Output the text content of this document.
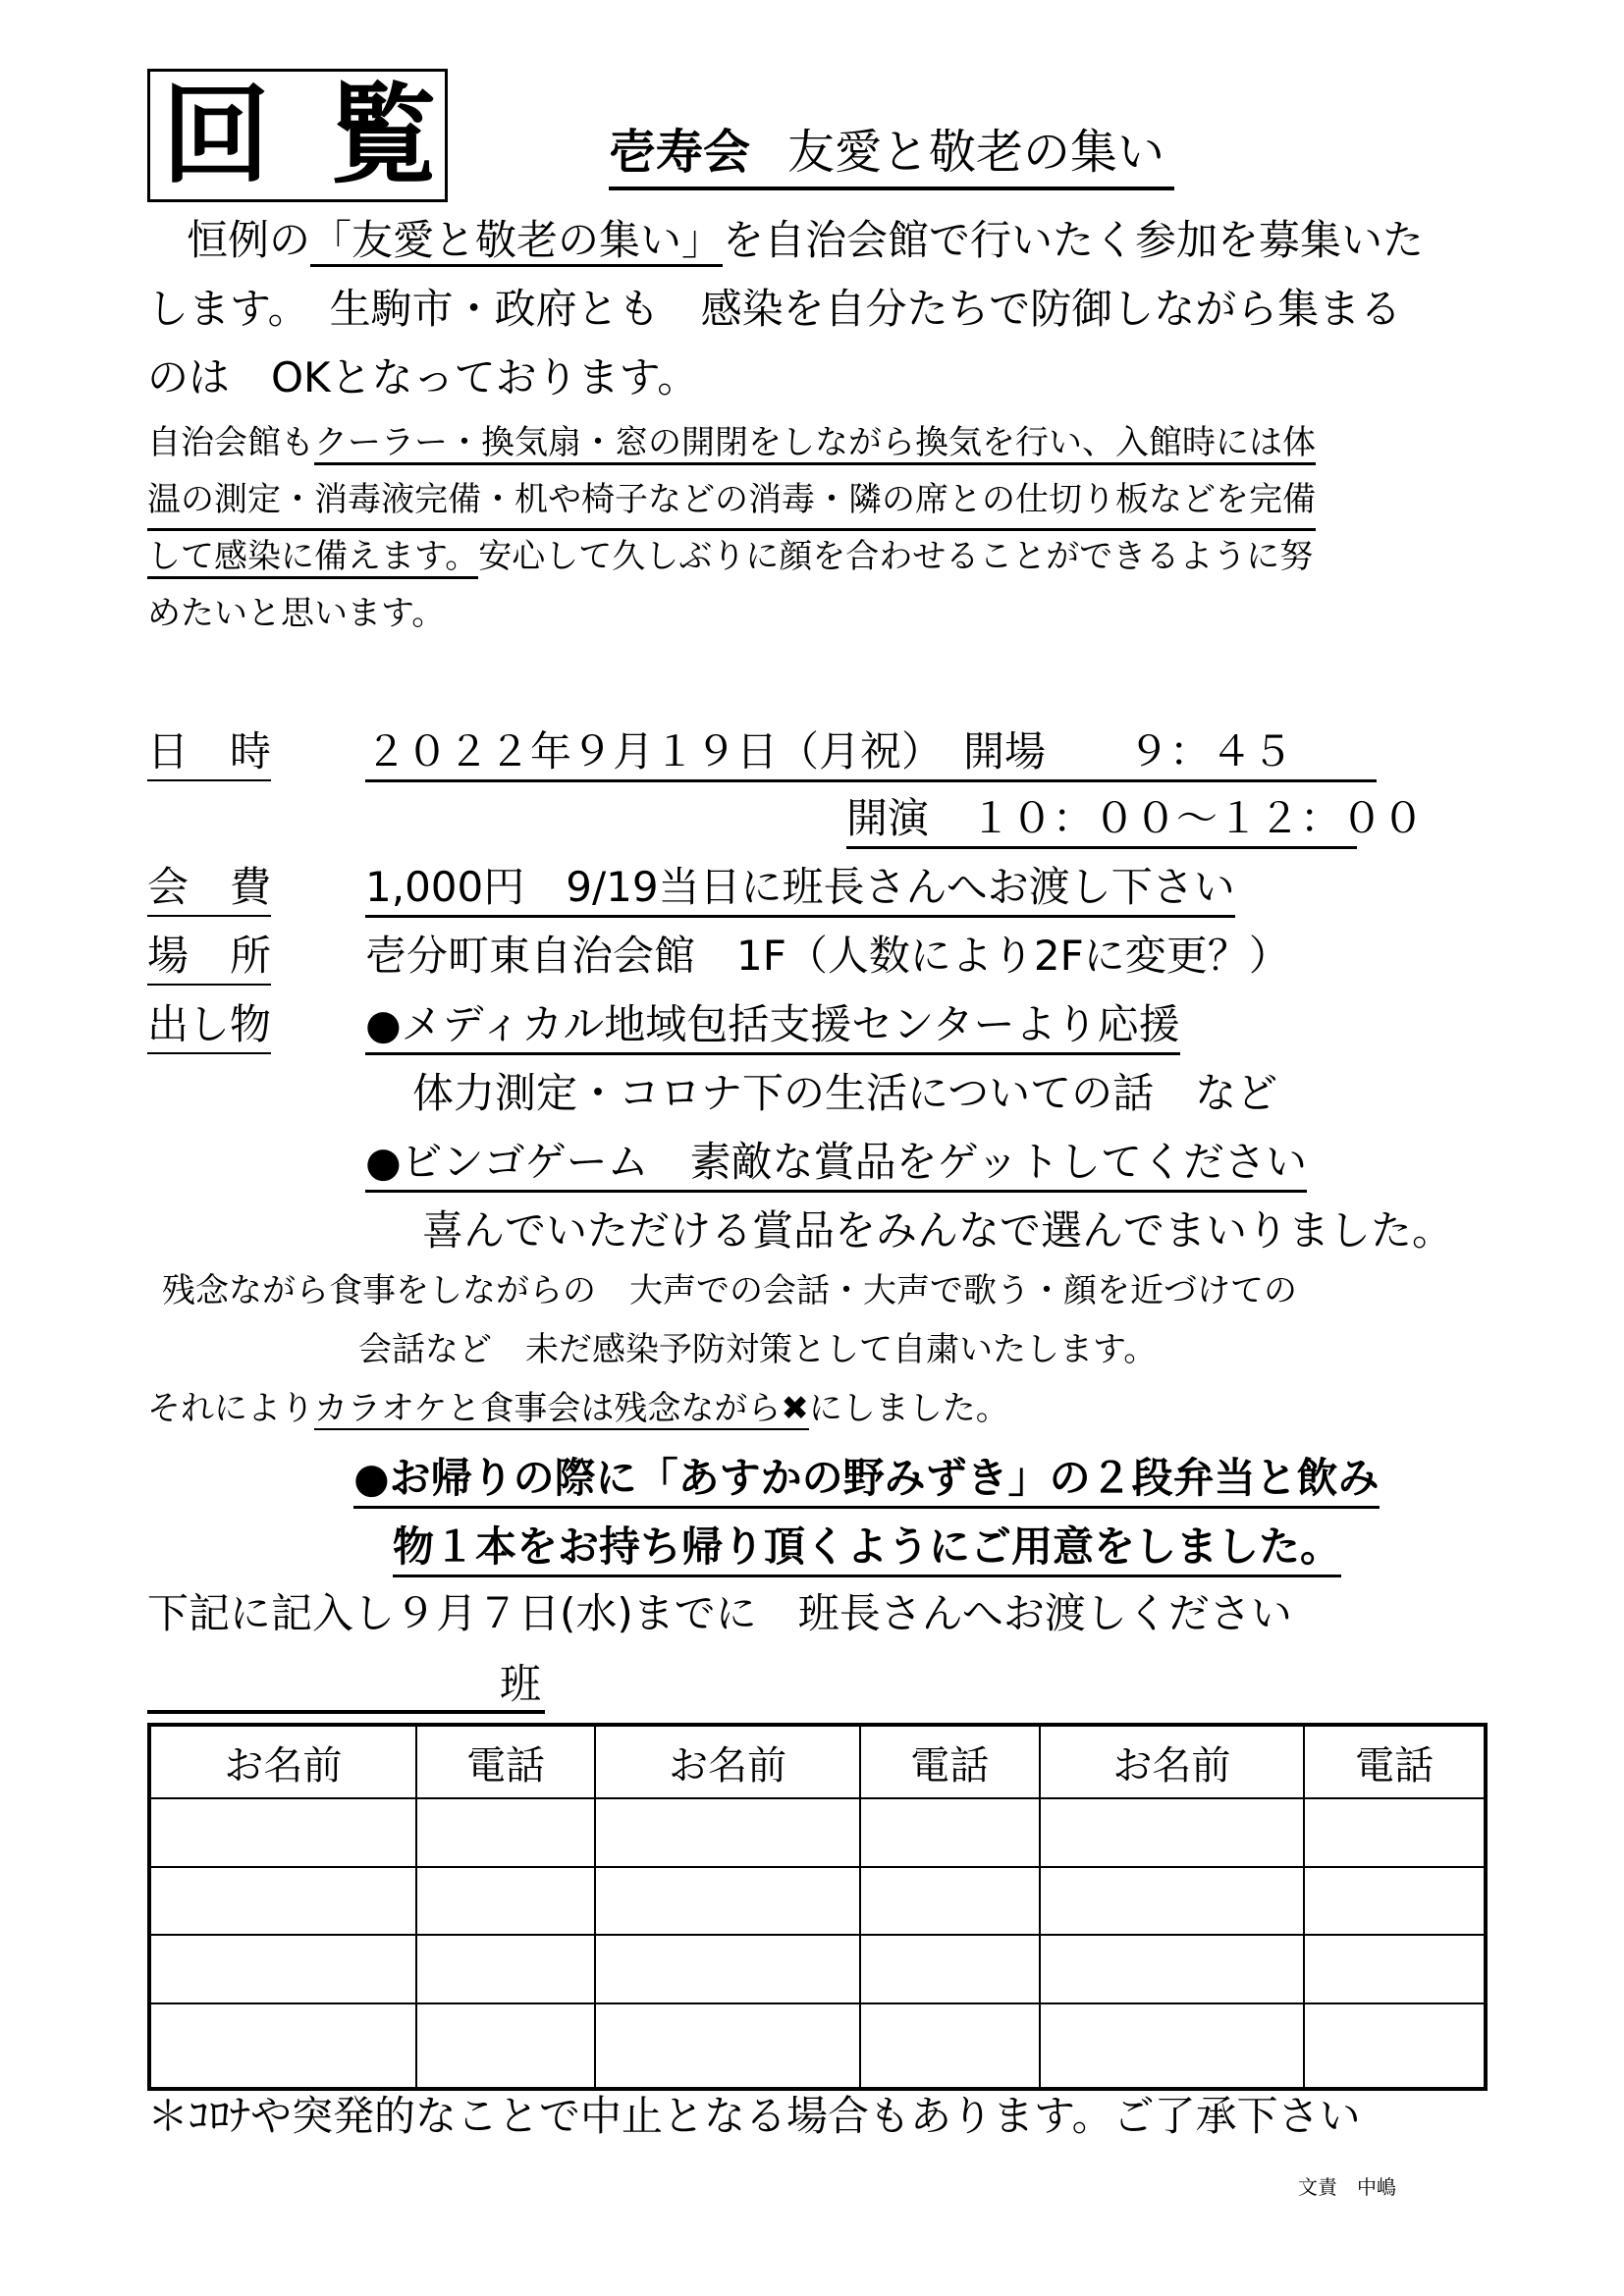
回覧 壱寿会 友愛と敬老の集い
恒例の「友愛と敬老の集い」を自治会館で行いたく参加を募集いた
します。　生駒市・政府とも　感染を自分たちで防御しながら集まる
のは　OKとなっております。
自治会館もクーラー・換気扇・窓の開閉をしながら換気を行い、入館時には体
温の測定・消毒液完備・机や椅子などの消毒・隣の席との仕切り板などを完備
して感染に備えます。安心して久しぶりに顔を合わせることができるように努
めたいと思います。
日　時 ２０２２年９月１９日（月祝）　開場　　９：４５
開演　１０：００～１２：００
会　費 1,000円　9/19当日に班長さんへお渡し下さい
場　所 壱分町東自治会館　1F（人数により2Fに変更？）
出し物 ●メディカル地域包括支援センターより応援
体力測定・コロナ下の生活についての話　など
●ビンゴゲーム　素敵な賞品をゲットしてください
喜んでいただける賞品をみんなで選んでまいりました。
残念ながら食事をしながらの　大声での会話・大声で歌う・顔を近づけての
会話など　未だ感染予防対策として自粛いたします。
それによりカラオケと食事会は残念ながら✖にしました。
●お帰りの際に「あすかの野みずき」の２段弁当と飲み
物１本をお持ち帰り頂くようにご用意をしました。
下記に記入し９月７日(水)までに　班長さんへお渡しください
班
お名前	電話	お名前	電話	お名前	電話

＊ｺﾛﾅや突発的なことで中止となる場合もあります。ご了承下さい
文責　中嶋
